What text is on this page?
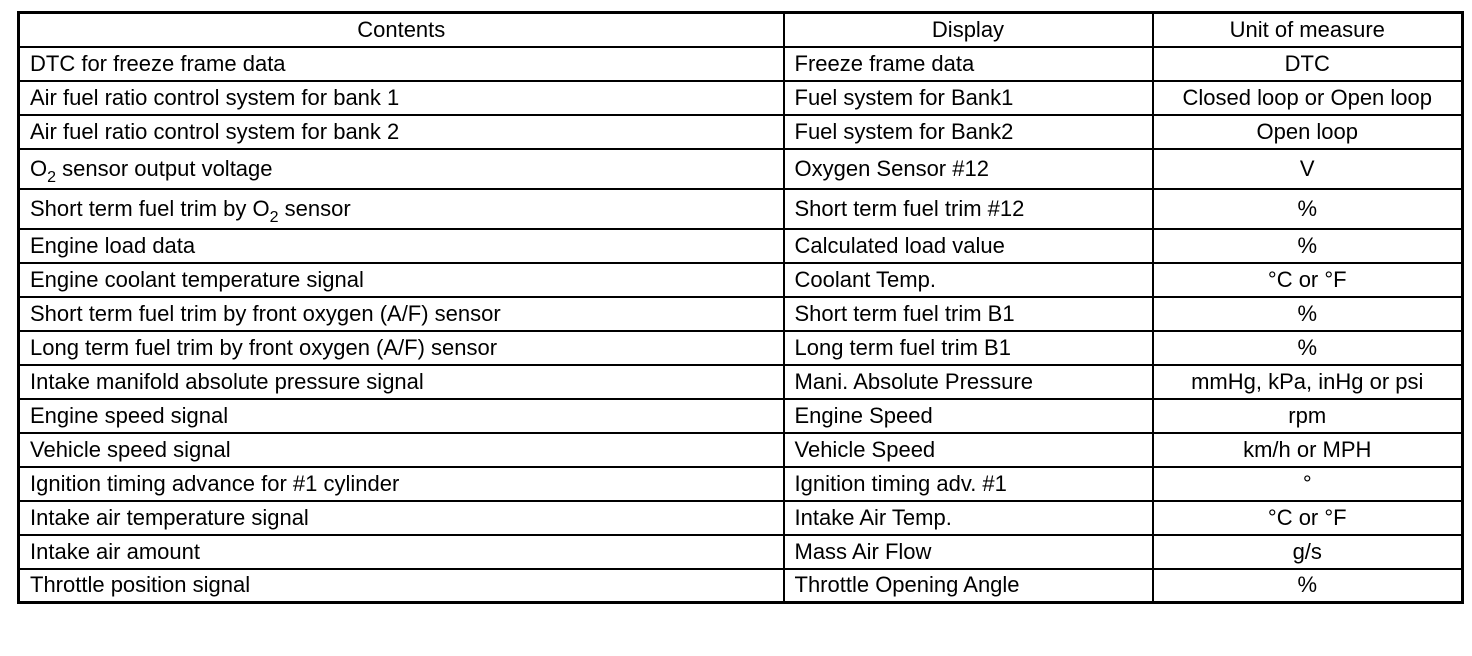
Contents	Display	Unit of measure
DTC for freeze frame data	Freeze frame data	DTC
Air fuel ratio control system for bank 1	Fuel system for Bank1	Closed loop or Open loop
Air fuel ratio control system for bank 2	Fuel system for Bank2	Open loop
$O_2$ sensor output voltage	Oxygen Sensor #12	V
Short term fuel trim by $O_2$ sensor	Short term fuel trim #12	%
Engine load data	Calculated load value	%
Engine coolant temperature signal	Coolant Temp.	°C or °F
Short term fuel trim by front oxygen (A/F) sensor	Short term fuel trim B1	%
Long term fuel trim by front oxygen (A/F) sensor	Long term fuel trim B1	%
Intake manifold absolute pressure signal	Mani. Absolute Pressure	mmHg, kPa, inHg or psi
Engine speed signal	Engine Speed	rpm
Vehicle speed signal	Vehicle Speed	km/h or MPH
Ignition timing advance for #1 cylinder	Ignition timing adv. #1	°
Intake air temperature signal	Intake Air Temp.	°C or °F
Intake air amount	Mass Air Flow	g/s
Throttle position signal	Throttle Opening Angle	%
